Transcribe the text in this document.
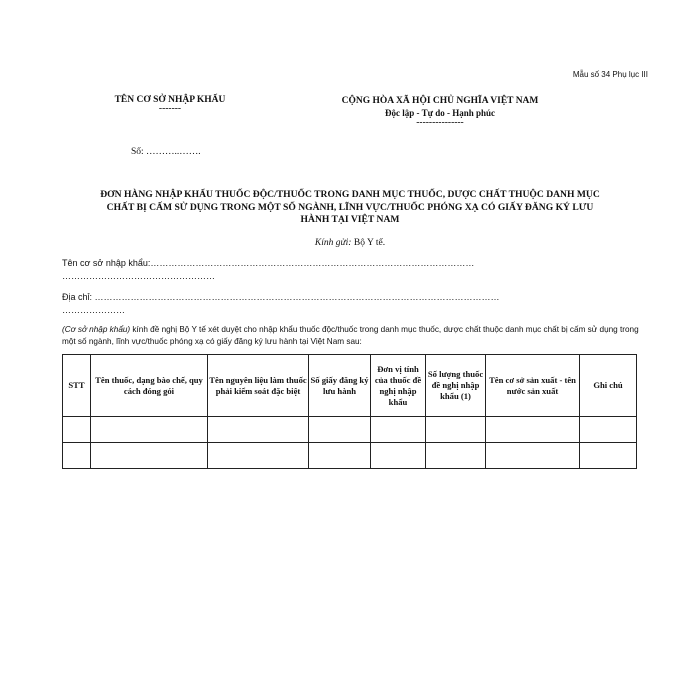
Mẫu số 34 Phụ lục III
TÊN CƠ SỞ NHẬP KHẨU
-------
CỘNG HÒA XÃ HỘI CHỦ NGHĨA VIỆT NAM
Độc lập - Tự do - Hạnh phúc
---------------
Số: ………..…….
ĐƠN HÀNG NHẬP KHẨU THUỐC ĐỘC/THUỐC TRONG DANH MỤC THUỐC, DƯỢC CHẤT THUỘC DANH MỤC
CHẤT BỊ CẤM SỬ DỤNG TRONG MỘT SỐ NGÀNH, LĨNH VỰC/THUỐC PHÓNG XẠ CÓ GIẤY ĐĂNG KÝ LƯU
HÀNH TẠI VIỆT NAM
Kính gửi: Bộ Y tế.
Tên cơ sở nhập khẩu:………………………………………………………………………………………………
……………………………………………
Địa chỉ: ………………………………………………………………………………………………………………………
…………………
(Cơ sở nhập khẩu) kính đề nghị Bộ Y tế xét duyệt cho nhập khẩu thuốc độc/thuốc trong danh mục thuốc, dược chất thuộc danh mục chất bị cấm sử dụng trong một số ngành, lĩnh vực/thuốc phóng xạ có giấy đăng ký lưu hành tại Việt Nam sau:
STT	Tên thuốc, dạng bào chế, quy cách đóng gói	Tên nguyên liệu làm thuốc phải kiểm soát đặc biệt	Số giấy đăng ký lưu hành	Đơn vị tính của thuốc đề nghị nhập khẩu	Số lượng thuốc đề nghị nhập khẩu (1)	Tên cơ sở sản xuất - tên nước sản xuất	Ghi chú
